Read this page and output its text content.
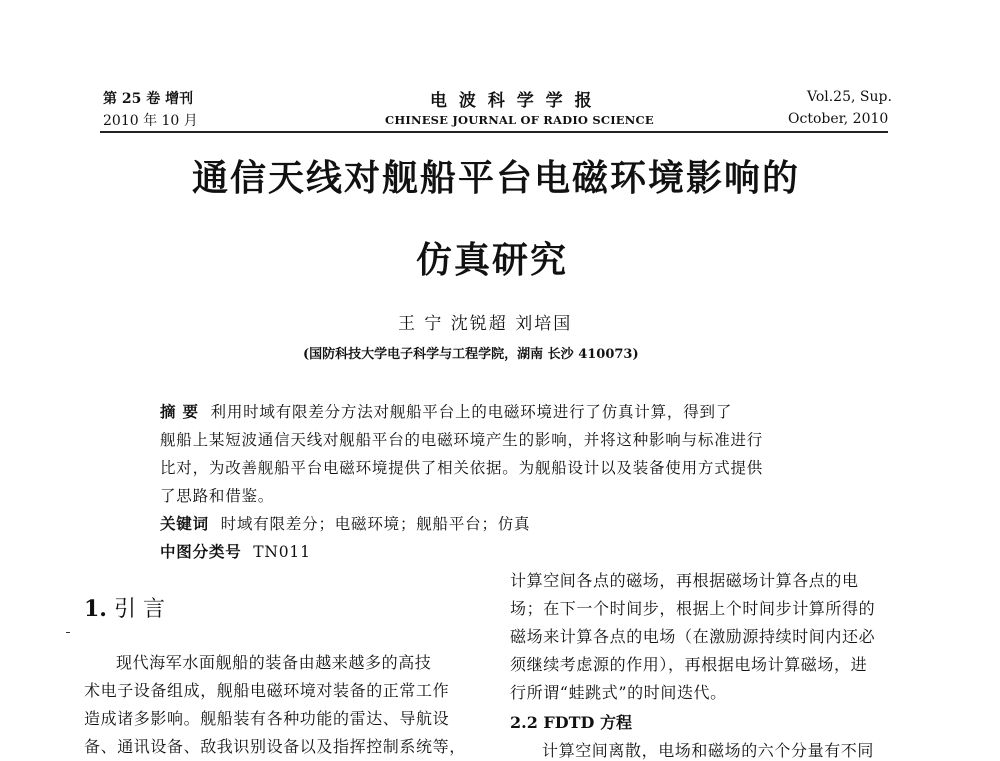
第 25 卷 增刊
2010 年 10 月
电 波 科 学 学 报
CHINESE JOURNAL OF RADIO SCIENCE
Vol.25, Sup.
October, 2010
通信天线对舰船平台电磁环境影响的
仿真研究
王 宁 沈锐超 刘培国
(国防科技大学电子科学与工程学院，湖南 长沙 410073)
摘 要 利用时域有限差分方法对舰船平台上的电磁环境进行了仿真计算，得到了
舰船上某短波通信天线对舰船平台的电磁环境产生的影响，并将这种影响与标准进行
比对，为改善舰船平台电磁环境提供了相关依据。为舰船设计以及装备使用方式提供
了思路和借鉴。
关键词 时域有限差分；电磁环境；舰船平台；仿真
中图分类号 TN011
1. 引 言
现代海军水面舰船的装备由越来越多的高技
术电子设备组成，舰船电磁环境对装备的正常工作
造成诸多影响。舰船装有各种功能的雷达、导航设
备、通讯设备、敌我识别设备以及指挥控制系统等，
计算空间各点的磁场，再根据磁场计算各点的电
场；在下一个时间步，根据上个时间步计算所得的
磁场来计算各点的电场（在激励源持续时间内还必
须继续考虑源的作用），再根据电场计算磁场，进
行所谓“蛙跳式”的时间迭代。
2.2 FDTD 方程
计算空间离散，电场和磁场的六个分量有不同
